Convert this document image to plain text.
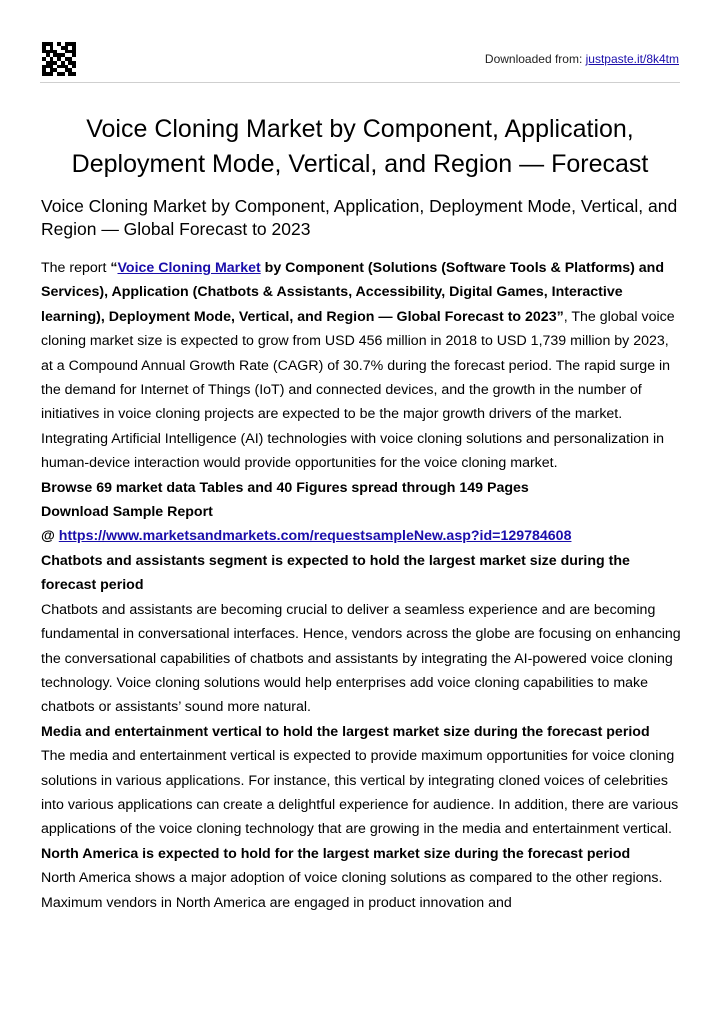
Downloaded from: justpaste.it/8k4tm
Voice Cloning Market by Component, Application, Deployment Mode, Vertical, and Region — Forecast
Voice Cloning Market by Component, Application, Deployment Mode, Vertical, and Region — Global Forecast to 2023

The report “Voice Cloning Market by Component (Solutions (Software Tools & Platforms) and Services), Application (Chatbots & Assistants, Accessibility, Digital Games, Interactive learning), Deployment Mode, Vertical, and Region — Global Forecast to 2023”, The global voice cloning market size is expected to grow from USD 456 million in 2018 to USD 1,739 million by 2023, at a Compound Annual Growth Rate (CAGR) of 30.7% during the forecast period. The rapid surge in the demand for Internet of Things (IoT) and connected devices, and the growth in the number of initiatives in voice cloning projects are expected to be the major growth drivers of the market. Integrating Artificial Intelligence (AI) technologies with voice cloning solutions and personalization in human-device interaction would provide opportunities for the voice cloning market.

Browse 69 market data Tables and 40 Figures spread through 149 Pages

Download Sample Report

@ https://www.marketsandmarkets.com/requestsampleNew.asp?id=129784608

Chatbots and assistants segment is expected to hold the largest market size during the forecast period

Chatbots and assistants are becoming crucial to deliver a seamless experience and are becoming fundamental in conversational interfaces. Hence, vendors across the globe are focusing on enhancing the conversational capabilities of chatbots and assistants by integrating the AI-powered voice cloning technology. Voice cloning solutions would help enterprises add voice cloning capabilities to make chatbots or assistants’ sound more natural.

Media and entertainment vertical to hold the largest market size during the forecast period

The media and entertainment vertical is expected to provide maximum opportunities for voice cloning solutions in various applications. For instance, this vertical by integrating cloned voices of celebrities into various applications can create a delightful experience for audience. In addition, there are various applications of the voice cloning technology that are growing in the media and entertainment vertical.

North America is expected to hold for the largest market size during the forecast period

North America shows a major adoption of voice cloning solutions as compared to the other regions. Maximum vendors in North America are engaged in product innovation and
